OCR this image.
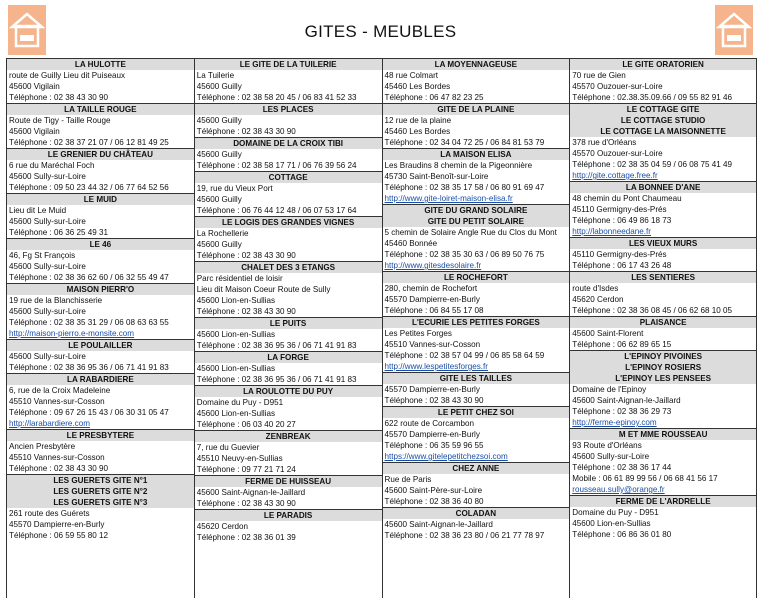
GITES - MEUBLES
LA HULOTTE
route de Guilly Lieu dit Puiseaux
45600 Vigilain
Téléphone : 02 38 43 30 90
LA TAILLE ROUGE
Route de Tigy - Taille Rouge
45600 Vigilain
Téléphone : 02 38 37 21 07 / 06 12 81 49 25
LE GRENIER DU CHÂTEAU
6 rue du Maréchal Foch
45600 Sully-sur-Loire
Téléphone : 09 50 23 44 32 / 06 77 64 52 56
LE MUID
Lieu dit Le Muid
45600 Sully-sur-Loire
Téléphone : 06 36 25 49 31
LE 46
46, Fg St François
45600 Sully-sur-Loire
Téléphone : 02 38 36 62 60 / 06 32 55 49 47
MAISON PIERR'O
19 rue de la Blanchisserie
45600 Sully-sur-Loire
Téléphone : 02 38 35 31 29 / 06 08 63 63 55
http://maison-pierro.e-monsite.com
LE POULAILLER
45600 Sully-sur-Loire
Téléphone : 02 38 36 95 36 / 06 71 41 91 83
LA RABARDIERE
6, rue de la Croix Madeleine
45510 Vannes-sur-Cosson
Téléphone : 09 67 26 15 43 / 06 30 31 05 47
http://larabardiere.com
LE PRESBYTERE
Ancien Presbytère
45510 Vannes-sur-Cosson
Téléphone : 02 38 43 30 90
LES GUERETS GITE N°1
LES GUERETS GITE N°2
LES GUERETS GITE N°3
261 route des Guérets
45570 Dampierre-en-Burly
Téléphone : 06 59 55 80 12
LE GITE DE LA TUILERIE
La Tuilerie
45600 Guilly
Téléphone : 02 38 58 20 45 / 06 83 41 52 33
LES PLACES
45600 Guilly
Téléphone : 02 38 43 30 90
DOMAINE DE LA CROIX TIBI
45600 Guilly
Téléphone : 02 38 58 17 71 / 06 76 39 56 24
COTTAGE
19, rue du Vieux Port
45600 Guilly
Téléphone : 06 76 44 12 48 / 06 07 53 17 64
LE LOGIS DES GRANDES VIGNES
La Rochellerie
45600 Guilly
Téléphone : 02 38 43 30 90
CHALET DES 3 ETANGS
Parc résidentiel de loisir
Lieu dit Maison Coeur Route de Sully
45600 Lion-en-Sullias
Téléphone : 02 38 43 30 90
LE PUITS
45600 Lion-en-Sullias
Téléphone : 02 38 36 95 36 / 06 71 41 91 83
LA FORGE
45600 Lion-en-Sullias
Téléphone : 02 38 36 95 36 / 06 71 41 91 83
LA ROULOTTE DU PUY
Domaine du Puy - D951
45600 Lion-en-Sullias
Téléphone : 06 03 40 20 27
ZENBREAK
7, rue du Guevier
45510 Neuvy-en-Sullias
Téléphone : 09 77 21 71 24
FERME DE HUISSEAU
45600 Saint-Aignan-le-Jaillard
Téléphone : 02 38 43 30 90
LE PARADIS
45620 Cerdon
Téléphone : 02 38 36 01 39
LA MOYENNAGEUSE
48 rue Colmart
45460 Les Bordes
Téléphone : 06 47 82 23 25
GITE DE LA PLAINE
12 rue de la plaine
45460 Les Bordes
Téléphone : 02 34 04 72 25 / 06 84 81 53 79
LA MAISON ELISA
Les Braudins 8 chemin de la Pigeonnière
45730 Saint-Benoît-sur-Loire
Téléphone : 02 38 35 17 58 / 06 80 91 69 47
http://www.gite-loiret-maison-elisa.fr
GITE DU GRAND SOLAIRE
GITE DU PETIT SOLAIRE
5 chemin de Solaire Angle Rue du Clos du Mont
45460 Bonnée
Téléphone : 02 38 35 30 63 / 06 89 50 76 75
http://www.gitesdesolaire.fr
LE ROCHEFORT
280, chemin de Rochefort
45570 Dampierre-en-Burly
Téléphone : 06 84 55 17 08
L'ECURIE LES PETITES FORGES
Les Petites Forges
45510 Vannes-sur-Cosson
Téléphone : 02 38 57 04 99 / 06 85 58 64 59
http://www.lespetitesforges.fr
GITE LES TAILLES
45570 Dampierre-en-Burly
Téléphone : 02 38 43 30 90
LE PETIT CHEZ SOI
622 route de Corcambon
45570 Dampierre-en-Burly
Téléphone : 06 35 59 96 55
https://www.gitelepetitchezsoi.com
CHEZ ANNE
Rue de Paris
45600 Saint-Père-sur-Loire
Téléphone : 02 38 36 40 80
COLADAN
45600 Saint-Aignan-le-Jaillard
Téléphone : 02 38 36 23 80 / 06 21 77 78 97
LE GITE ORATORIEN
70 rue de Gien
45570 Ouzouer-sur-Loire
Téléphone : 02.38.35.09.66 / 09 55 82 91 46
LE COTTAGE GITE
LE COTTAGE STUDIO
LE COTTAGE LA MAISONNETTE
378 rue d'Orléans
45570 Ouzouer-sur-Loire
Téléphone : 02 38 35 04 59 / 06 08 75 41 49
http://gite.cottage.free.fr
LA BONNEE D'ANE
48 chemin du Pont Chaumeau
45110 Germigny-des-Prés
Téléphone : 06 49 86 18 73
http://labonneedane.fr
LES VIEUX MURS
45110 Germigny-des-Prés
Téléphone : 06 17 43 26 48
LES SENTIERES
route d'Isdes
45620 Cerdon
Téléphone : 02 38 36 08 45 / 06 62 68 10 05
PLAISANCE
45600 Saint-Florent
Téléphone : 06 62 89 65 15
L'EPINOY PIVOINES
L'EPINOY ROSIERS
L'EPINOY LES PENSEES
Domaine de l'Epinoy
45600 Saint-Aignan-le-Jaillard
Téléphone : 02 38 36 29 73
http://ferme-epinoy.com
M ET MME ROUSSEAU
93 Route d'Orléans
45600 Sully-sur-Loire
Téléphone : 02 38 36 17 44
Mobile : 06 61 89 99 56 / 06 68 41 56 17
rousseau.sully@orange.fr
FERME DE L'ARDRELLE
Domaine du Puy - D951
45600 Lion-en-Sullias
Téléphone : 06 86 36 01 80
